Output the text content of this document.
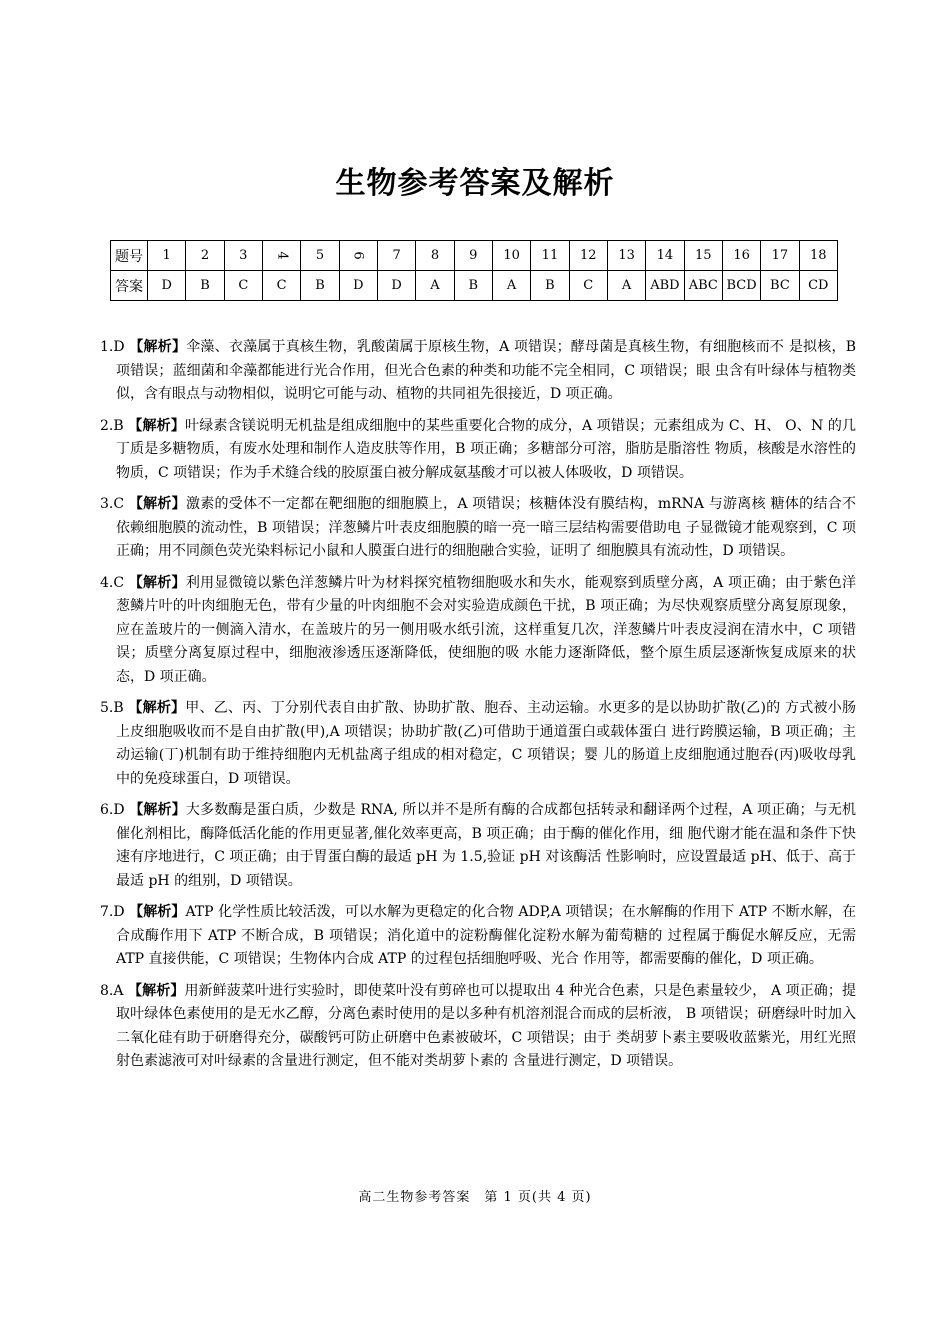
生物参考答案及解析
题号	1	2	3	4	5	6	7	8	9	10	11	12	13	14	15	16	17	18
答案	D	B	C	C	B	D	D	A	B	A	B	C	A	ABD	ABC	BCD	BC	CD
1.D 【解析】伞藻、衣藻属于真核生物，乳酸菌属于原核生物，A 项错误；酵母菌是真核生物，有细胞核而不 是拟核，B 项错误；蓝细菌和伞藻都能进行光合作用，但光合色素的种类和功能不完全相同，C 项错误；眼 虫含有叶绿体与植物类似，含有眼点与动物相似，说明它可能与动、植物的共同祖先很接近，D 项正确。
2.B 【解析】叶绿素含镁说明无机盐是组成细胞中的某些重要化合物的成分，A 项错误；元素组成为 C、H、 O、N 的几丁质是多糖物质，有废水处理和制作人造皮肤等作用，B 项正确；多糖部分可溶，脂肪是脂溶性 物质，核酸是水溶性的物质，C 项错误；作为手术缝合线的胶原蛋白被分解成氨基酸才可以被人体吸收，D 项错误。
3.C 【解析】激素的受体不一定都在靶细胞的细胞膜上，A 项错误；核糖体没有膜结构，mRNA 与游离核 糖体的结合不依赖细胞膜的流动性，B 项错误；洋葱鳞片叶表皮细胞膜的暗一亮一暗三层结构需要借助电 子显微镜才能观察到，C 项正确；用不同颜色荧光染料标记小鼠和人膜蛋白进行的细胞融合实验，证明了 细胞膜具有流动性，D 项错误。
4.C 【解析】利用显微镜以紫色洋葱鳞片叶为材料探究植物细胞吸水和失水，能观察到质壁分离，A 项正确；由于紫色洋葱鳞片叶的叶肉细胞无色，带有少量的叶肉细胞不会对实验造成颜色干扰，B 项正确；为尽快观察质壁分离复原现象，应在盖玻片的一侧滴入清水，在盖玻片的另一侧用吸水纸引流，这样重复几次，洋葱鳞片叶表皮浸润在清水中，C 项错误；质壁分离复原过程中，细胞液渗透压逐渐降低，使细胞的吸 水能力逐渐降低，整个原生质层逐渐恢复成原来的状态，D 项正确。
5.B 【解析】甲、乙、丙、丁分别代表自由扩散、协助扩散、胞吞、主动运输。水更多的是以协助扩散(乙)的 方式被小肠上皮细胞吸收而不是自由扩散(甲),A 项错误；协助扩散(乙)可借助于通道蛋白或载体蛋白 进行跨膜运输，B 项正确；主动运输(丁)机制有助于维持细胞内无机盐离子组成的相对稳定，C 项错误；婴 儿的肠道上皮细胞通过胞吞(丙)吸收母乳中的免疫球蛋白，D 项错误。
6.D 【解析】大多数酶是蛋白质，少数是 RNA, 所以并不是所有酶的合成都包括转录和翻译两个过程，A 项正确；与无机催化剂相比，酶降低活化能的作用更显著,催化效率更高，B 项正确；由于酶的催化作用，细 胞代谢才能在温和条件下快速有序地进行，C 项正确；由于胃蛋白酶的最适 pH 为 1.5,验证 pH 对该酶活 性影响时，应设置最适 pH、低于、高于最适 pH 的组别，D 项错误。
7.D 【解析】ATP 化学性质比较活泼，可以水解为更稳定的化合物 ADP,A 项错误；在水解酶的作用下 ATP 不断水解，在合成酶作用下 ATP 不断合成，B 项错误；消化道中的淀粉酶催化淀粉水解为葡萄糖的 过程属于酶促水解反应，无需 ATP 直接供能，C 项错误；生物体内合成 ATP 的过程包括细胞呼吸、光合 作用等，都需要酶的催化，D 项正确。
8.A 【解析】用新鲜菠菜叶进行实验时，即使菜叶没有剪碎也可以提取出 4 种光合色素，只是色素量较少， A 项正确；提取叶绿体色素使用的是无水乙醇，分离色素时使用的是以多种有机溶剂混合而成的层析液， B 项错误；研磨绿叶时加入二氧化硅有助于研磨得充分，碳酸钙可防止研磨中色素被破坏，C 项错误；由于 类胡萝卜素主要吸收蓝紫光，用红光照射色素滤液可对叶绿素的含量进行测定，但不能对类胡萝卜素的 含量进行测定，D 项错误。
高二生物参考答案　第 1 页(共 4 页)
